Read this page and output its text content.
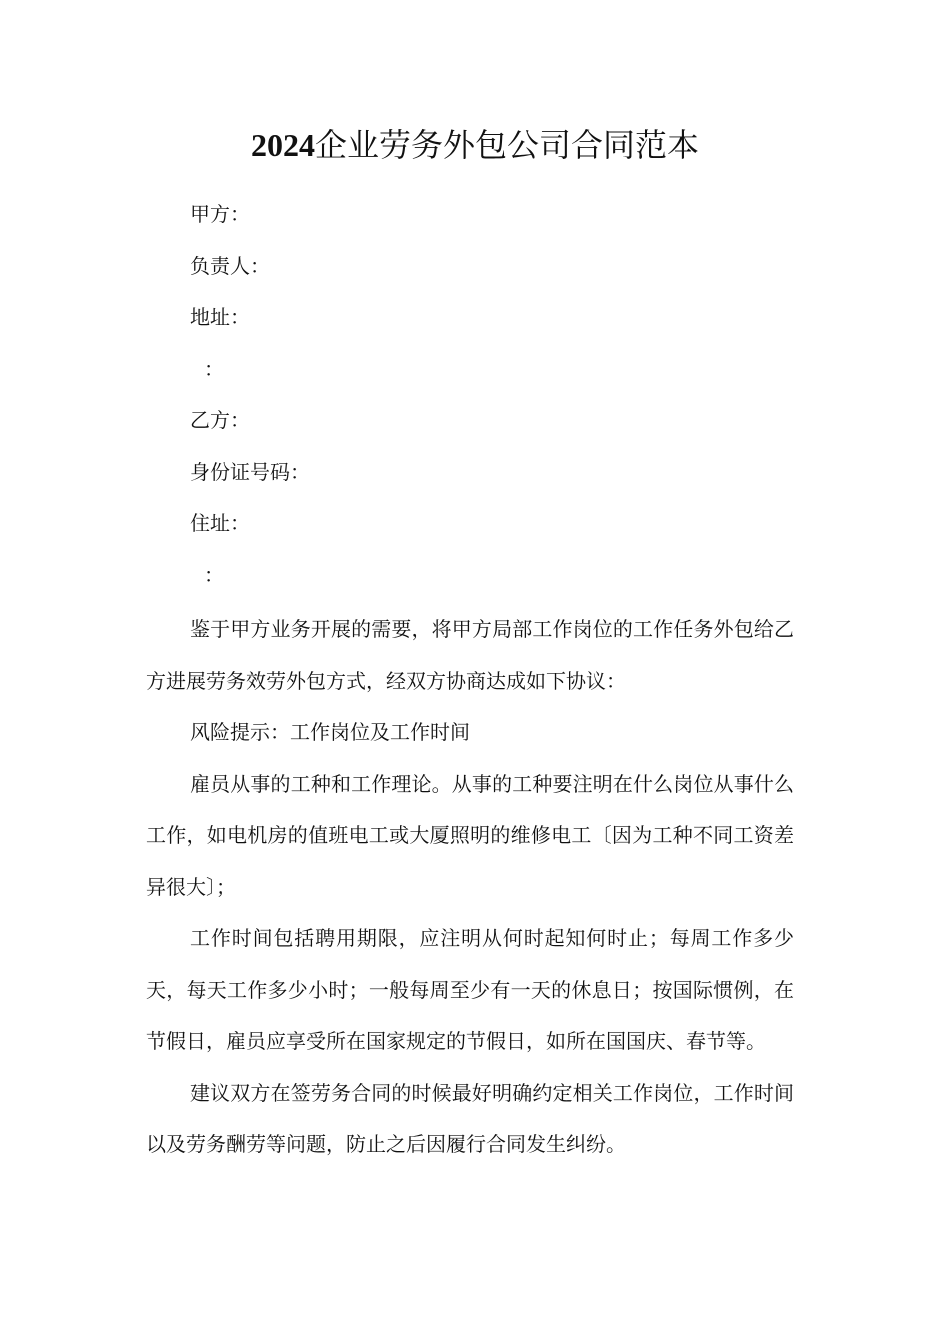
2024企业劳务外包公司合同范本
甲方：
负责人：
地址：
：
乙方：
身份证号码：
住址：
：

鉴于甲方业务开展的需要，将甲方局部工作岗位的工作任务外包给乙方进展劳务效劳外包方式，经双方协商达成如下协议：

风险提示：工作岗位及工作时间

雇员从事的工种和工作理论。从事的工种要注明在什么岗位从事什么工作，如电机房的值班电工或大厦照明的维修电工〔因为工种不同工资差异很大〕；

工作时间包括聘用期限，应注明从何时起知何时止；每周工作多少天，每天工作多少小时；一般每周至少有一天的休息日；按国际惯例，在节假日，雇员应享受所在国家规定的节假日，如所在国国庆、春节等。

建议双方在签劳务合同的时候最好明确约定相关工作岗位，工作时间以及劳务酬劳等问题，防止之后因履行合同发生纠纷。
